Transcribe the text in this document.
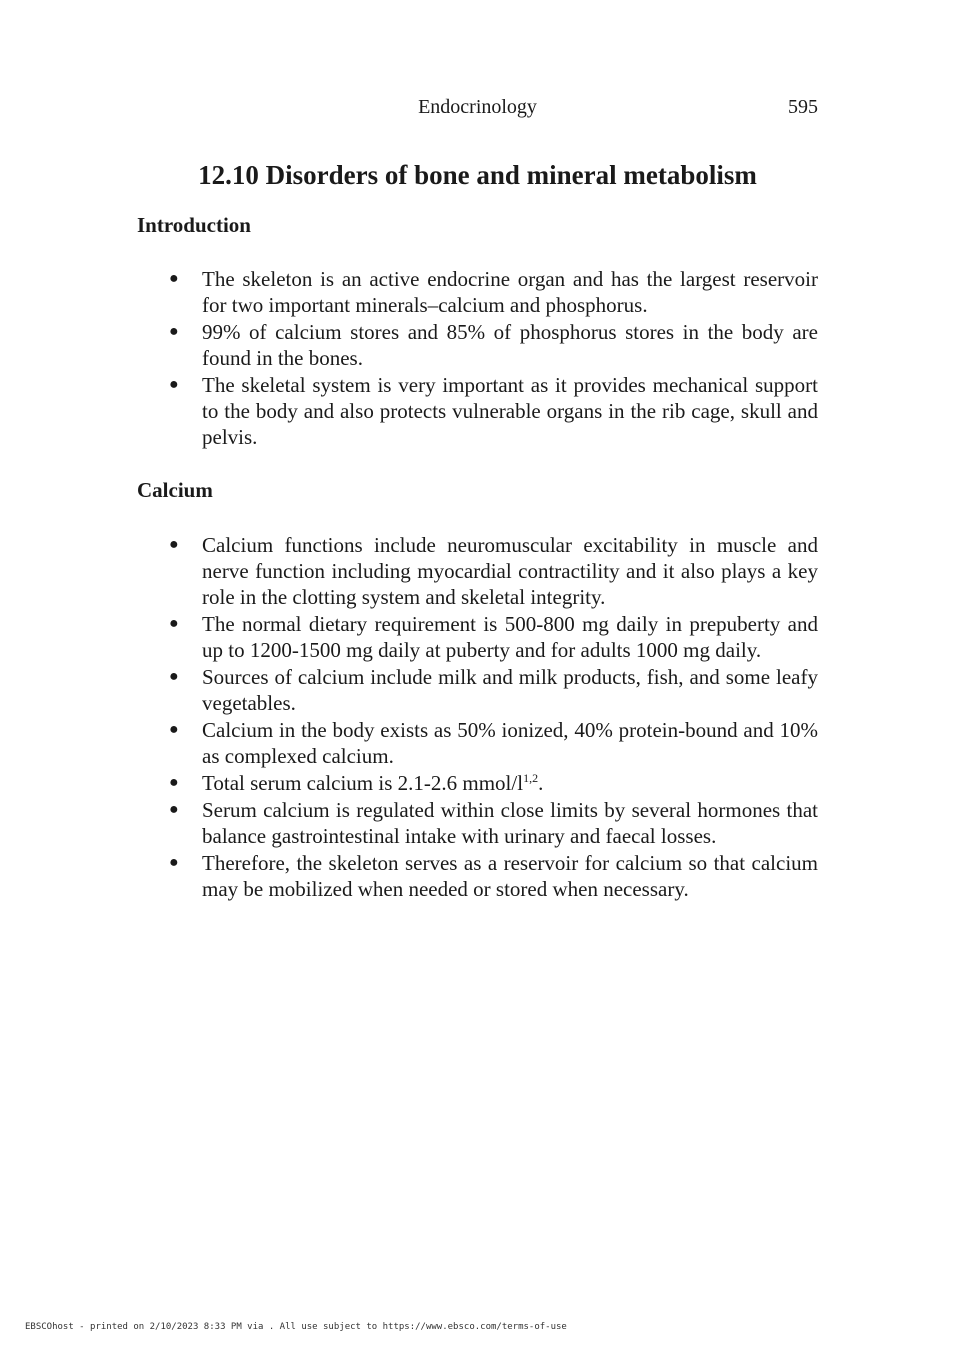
Endocrinology	595
12.10 Disorders of bone and mineral metabolism
Introduction
● The skeleton is an active endocrine organ and has the largest reservoir for two important minerals–calcium and phosphorus.
● 99% of calcium stores and 85% of phosphorus stores in the body are found in the bones.
● The skeletal system is very important as it provides mechanical support to the body and also protects vulnerable organs in the rib cage, skull and pelvis.
Calcium
● Calcium functions include neuromuscular excitability in muscle and nerve function including myocardial contractility and it also plays a key role in the clotting system and skeletal integrity.
● The normal dietary requirement is 500-800 mg daily in prepuberty and up to 1200-1500 mg daily at puberty and for adults 1000 mg daily.
● Sources of calcium include milk and milk products, fish, and some leafy vegetables.
● Calcium in the body exists as 50% ionized, 40% protein-bound and 10% as complexed calcium.
● Total serum calcium is 2.1-2.6 mmol/$l^{1,2}$.
● Serum calcium is regulated within close limits by several hormones that balance gastrointestinal intake with urinary and faecal losses.
● Therefore, the skeleton serves as a reservoir for calcium so that calcium may be mobilized when needed or stored when necessary.
EBSCOhost - printed on 2/10/2023 8:33 PM via . All use subject to https://www.ebsco.com/terms-of-use
